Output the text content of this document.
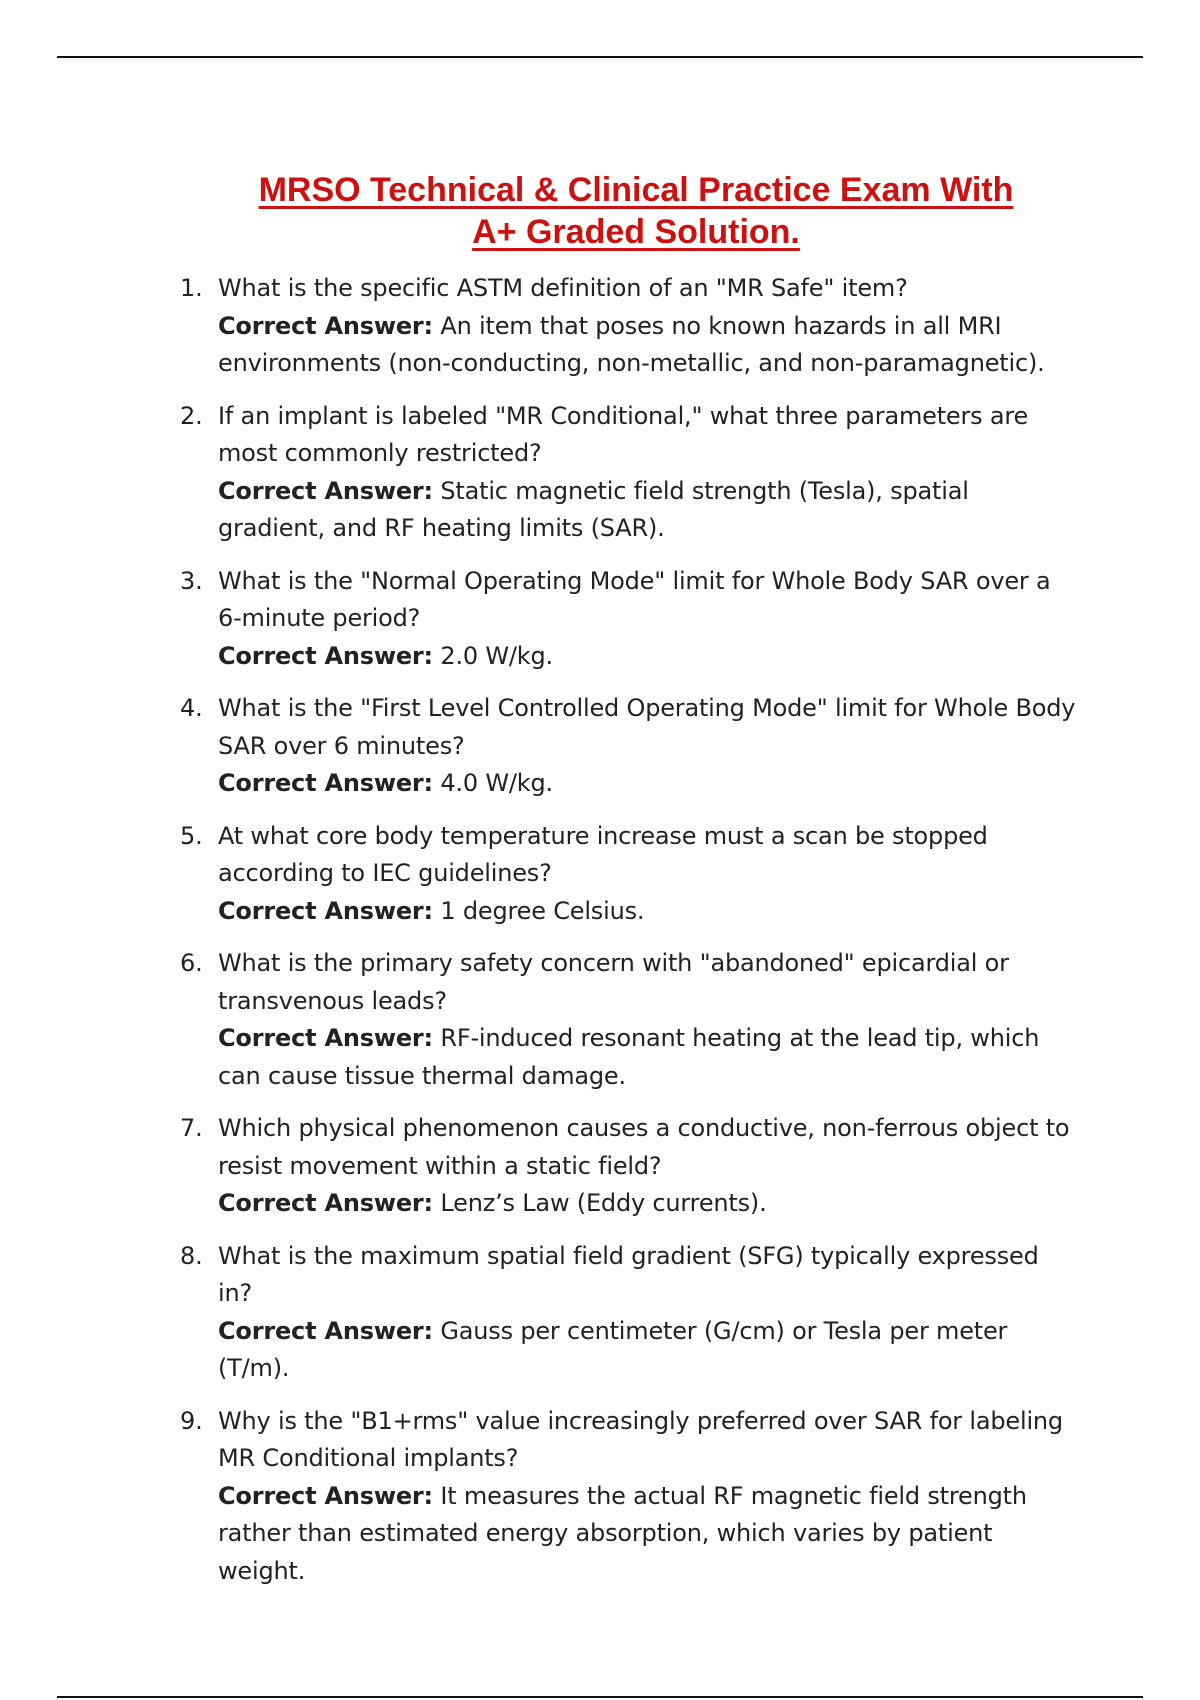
MRSO Technical & Clinical Practice Exam With
A+ Graded Solution.
1. What is the specific ASTM definition of an "MR Safe" item?
Correct Answer: An item that poses no known hazards in all MRI environments (non-conducting, non-metallic, and non-paramagnetic).
2. If an implant is labeled "MR Conditional," what three parameters are most commonly restricted?
Correct Answer: Static magnetic field strength (Tesla), spatial gradient, and RF heating limits (SAR).
3. What is the "Normal Operating Mode" limit for Whole Body SAR over a 6-minute period?
Correct Answer: 2.0 W/kg.
4. What is the "First Level Controlled Operating Mode" limit for Whole Body SAR over 6 minutes?
Correct Answer: 4.0 W/kg.
5. At what core body temperature increase must a scan be stopped according to IEC guidelines?
Correct Answer: 1 degree Celsius.
6. What is the primary safety concern with "abandoned" epicardial or transvenous leads?
Correct Answer: RF-induced resonant heating at the lead tip, which can cause tissue thermal damage.
7. Which physical phenomenon causes a conductive, non-ferrous object to resist movement within a static field?
Correct Answer: Lenz’s Law (Eddy currents).
8. What is the maximum spatial field gradient (SFG) typically expressed in?
Correct Answer: Gauss per centimeter (G/cm) or Tesla per meter (T/m).
9. Why is the "B1+rms" value increasingly preferred over SAR for labeling MR Conditional implants?
Correct Answer: It measures the actual RF magnetic field strength rather than estimated energy absorption, which varies by patient weight.
